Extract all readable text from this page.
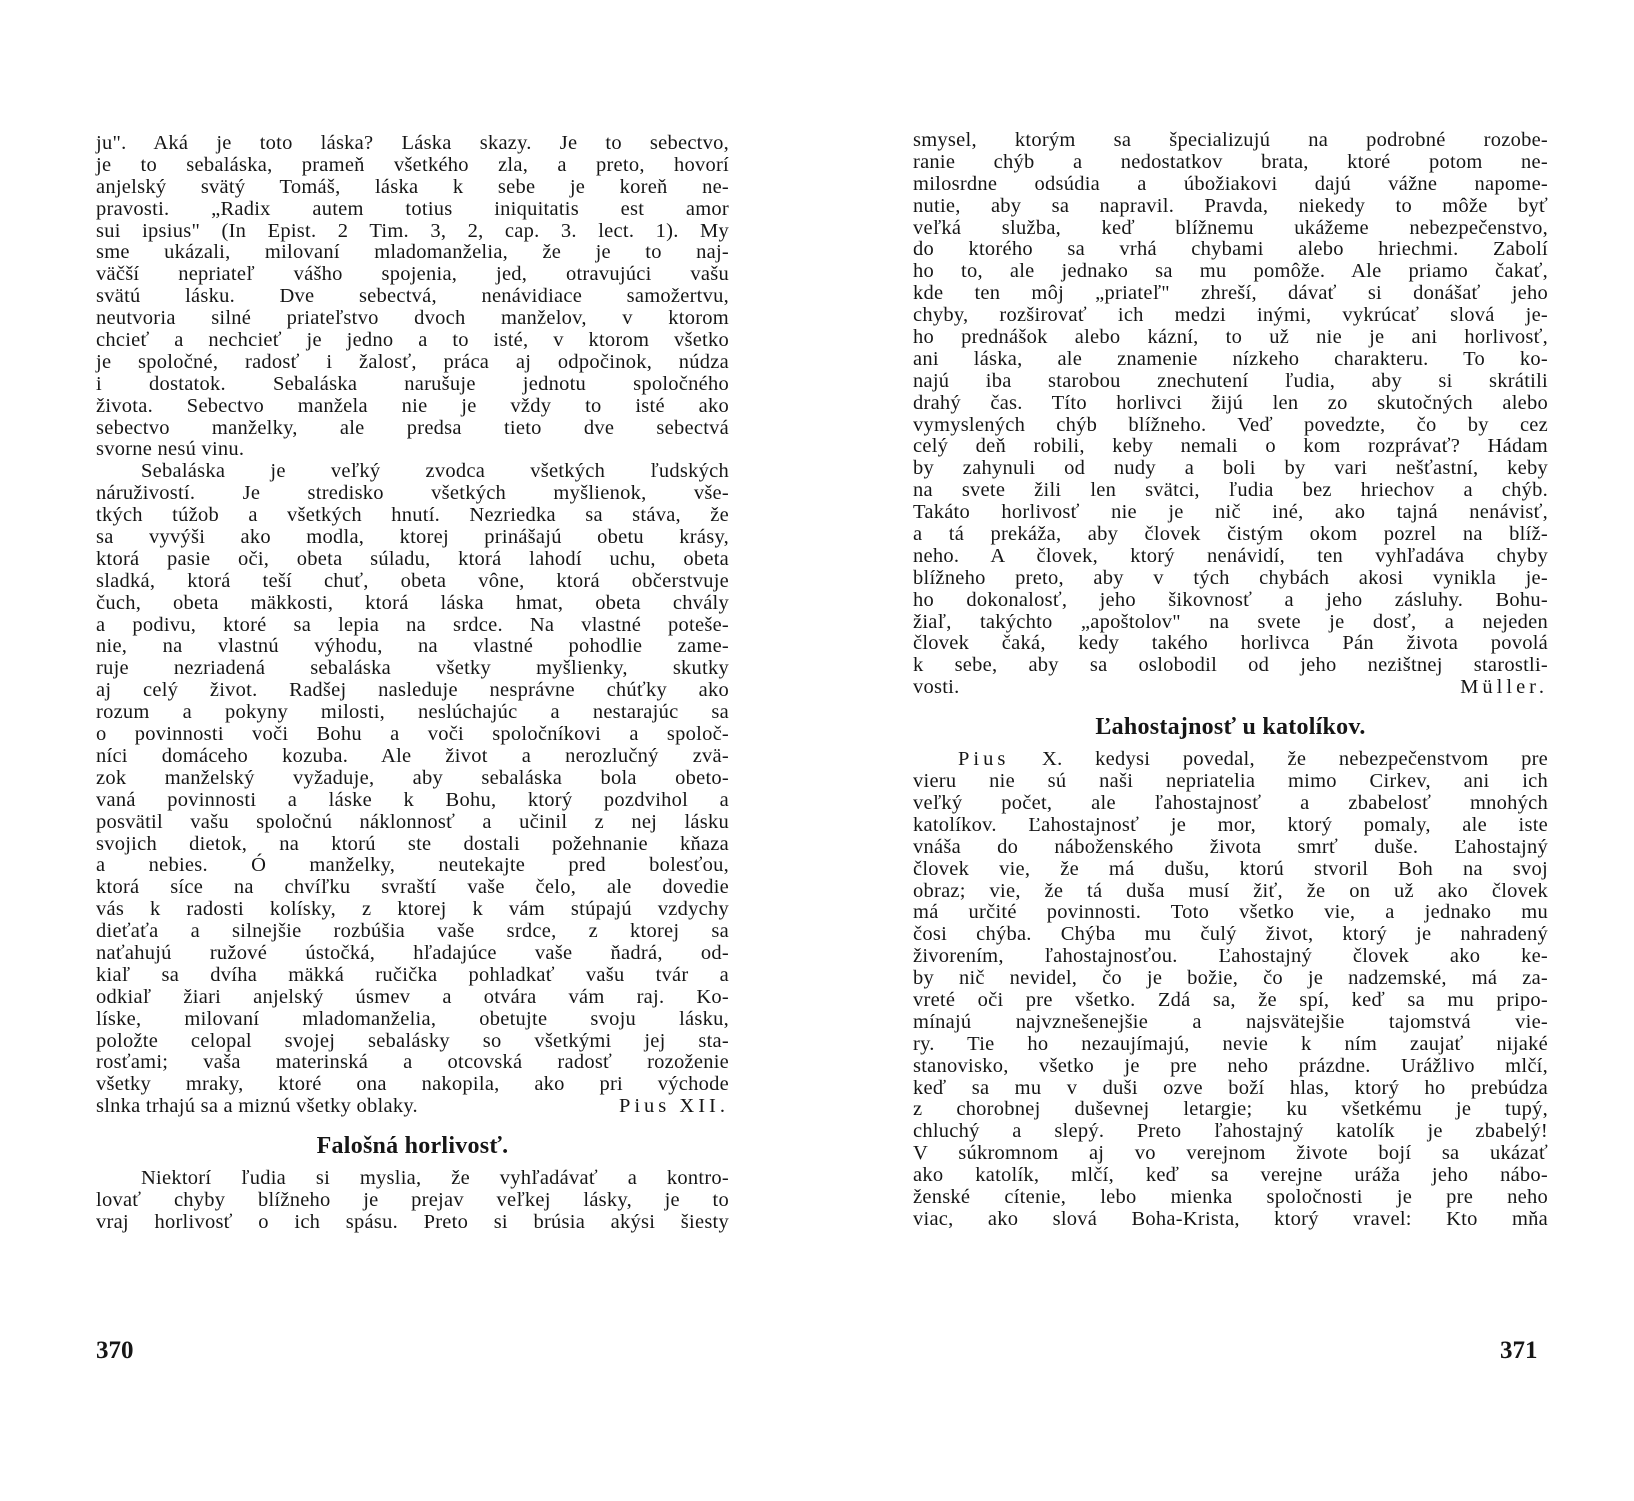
ju". Aká je toto láska? Láska skazy. Je to sebectvo,
je to sebaláska, prameň všetkého zla, a preto, hovorí
anjelský svätý Tomáš, láska k sebe je koreň ne-
pravosti. „Radix autem totius iniquitatis est amor
sui ipsius" (In Epist. 2 Tim. 3, 2, cap. 3. lect. 1). My
sme ukázali, milovaní mladomanželia, že je to naj-
väčší nepriateľ vášho spojenia, jed, otravujúci vašu
svätú lásku. Dve sebectvá, nenávidiace samožertvu,
neutvoria silné priateľstvo dvoch manželov, v ktorom
chcieť a nechcieť je jedno a to isté, v ktorom všetko
je spoločné, radosť i žalosť, práca aj odpočinok, núdza
i dostatok. Sebaláska narušuje jednotu spoločného
života. Sebectvo manžela nie je vždy to isté ako
sebectvo manželky, ale predsa tieto dve sebectvá
svorne nesú vinu.
Sebaláska je veľký zvodca všetkých ľudských
náruživostí. Je stredisko všetkých myšlienok, vše-
tkých túžob a všetkých hnutí. Nezriedka sa stáva, že
sa vyvýši ako modla, ktorej prinášajú obetu krásy,
ktorá pasie oči, obeta súladu, ktorá lahodí uchu, obeta
sladká, ktorá teší chuť, obeta vône, ktorá občerstvuje
čuch, obeta mäkkosti, ktorá láska hmat, obeta chvály
a podivu, ktoré sa lepia na srdce. Na vlastné poteše-
nie, na vlastnú výhodu, na vlastné pohodlie zame-
ruje nezriadená sebaláska všetky myšlienky, skutky
aj celý život. Radšej nasleduje nesprávne chúťky ako
rozum a pokyny milosti, neslúchajúc a nestarajúc sa
o povinnosti voči Bohu a voči spoločníkovi a spoloč-
níci domáceho kozuba. Ale život a nerozlučný zvä-
zok manželský vyžaduje, aby sebaláska bola obeto-
vaná povinnosti a láske k Bohu, ktorý pozdvihol a
posvätil vašu spoločnú náklonnosť a učinil z nej lásku
svojich dietok, na ktorú ste dostali požehnanie kňaza
a nebies. Ó manželky, neutekajte pred bolesťou,
ktorá síce na chvíľku svraští vaše čelo, ale dovedie
vás k radosti kolísky, z ktorej k vám stúpajú vzdychy
dieťaťa a silnejšie rozbúšia vaše srdce, z ktorej sa
naťahujú ružové ústočká, hľadajúce vaše ňadrá, od-
kiaľ sa dvíha mäkká ručička pohladkať vašu tvár a
odkiaľ žiari anjelský úsmev a otvára vám raj. Ko-
líske, milovaní mladomanželia, obetujte svoju lásku,
položte celopal svojej sebalásky so všetkými jej sta-
rosťami; vaša materinská a otcovská radosť rozoženie
všetky mraky, ktoré ona nakopila, ako pri východe
slnka trhajú sa a miznú všetky oblaky.	Pius XII.
Falošná horlivosť.
Niektorí ľudia si myslia, že vyhľadávať a kontro-
lovať chyby blížneho je prejav veľkej lásky, je to
vraj horlivosť o ich spásu. Preto si brúsia akýsi šiesty
370
smysel, ktorým sa špecializujú na podrobné rozobe-
ranie chýb a nedostatkov brata, ktoré potom ne-
milosrdne odsúdia a úbožiakovi dajú vážne napome-
nutie, aby sa napravil. Pravda, niekedy to môže byť
veľká služba, keď blížnemu ukážeme nebezpečenstvo,
do ktorého sa vrhá chybami alebo hriechmi. Zabolí
ho to, ale jednako sa mu pomôže. Ale priamo čakať,
kde ten môj „priateľ" zhreší, dávať si donášať jeho
chyby, rozširovať ich medzi inými, vykrúcať slová je-
ho prednášok alebo kázní, to už nie je ani horlivosť,
ani láska, ale znamenie nízkeho charakteru. To ko-
najú iba starobou znechutení ľudia, aby si skrátili
drahý čas. Títo horlivci žijú len zo skutočných alebo
vymyslených chýb blížneho. Veď povedzte, čo by cez
celý deň robili, keby nemali o kom rozprávať? Hádam
by zahynuli od nudy a boli by vari nešťastní, keby
na svete žili len svätci, ľudia bez hriechov a chýb.
Takáto horlivosť nie je nič iné, ako tajná nenávisť,
a tá prekáža, aby človek čistým okom pozrel na blíž-
neho. A človek, ktorý nenávidí, ten vyhľadáva chyby
blížneho preto, aby v tých chybách akosi vynikla je-
ho dokonalosť, jeho šikovnosť a jeho zásluhy. Bohu-
žiaľ, takýchto „apoštolov" na svete je dosť, a nejeden
človek čaká, kedy takého horlivca Pán života povolá
k sebe, aby sa oslobodil od jeho nezištnej starostli-
vosti.	Müller.
Ľahostajnosť u katolíkov.
Pius X. kedysi povedal, že nebezpečenstvom pre
vieru nie sú naši nepriatelia mimo Cirkev, ani ich
veľký počet, ale ľahostajnosť a zbabelosť mnohých
katolíkov. Ľahostajnosť je mor, ktorý pomaly, ale iste
vnáša do náboženského života smrť duše. Ľahostajný
človek vie, že má dušu, ktorú stvoril Boh na svoj
obraz; vie, že tá duša musí žiť, že on už ako človek
má určité povinnosti. Toto všetko vie, a jednako mu
čosi chýba. Chýba mu čulý život, ktorý je nahradený
živorením, ľahostajnosťou. Ľahostajný človek ako ke-
by nič nevidel, čo je božie, čo je nadzemské, má za-
vreté oči pre všetko. Zdá sa, že spí, keď sa mu pripo-
mínajú najvznešenejšie a najsvätejšie tajomstvá vie-
ry. Tie ho nezaujímajú, nevie k ním zaujať nijaké
stanovisko, všetko je pre neho prázdne. Urážlivo mlčí,
keď sa mu v duši ozve boží hlas, ktorý ho prebúdza
z chorobnej duševnej letargie; ku všetkému je tupý,
chluchý a slepý. Preto ľahostajný katolík je zbabelý!
V súkromnom aj vo verejnom živote bojí sa ukázať
ako katolík, mlčí, keď sa verejne uráža jeho nábo-
ženské cítenie, lebo mienka spoločnosti je pre neho
viac, ako slová Boha-Krista, ktorý vravel: Kto mňa
371
